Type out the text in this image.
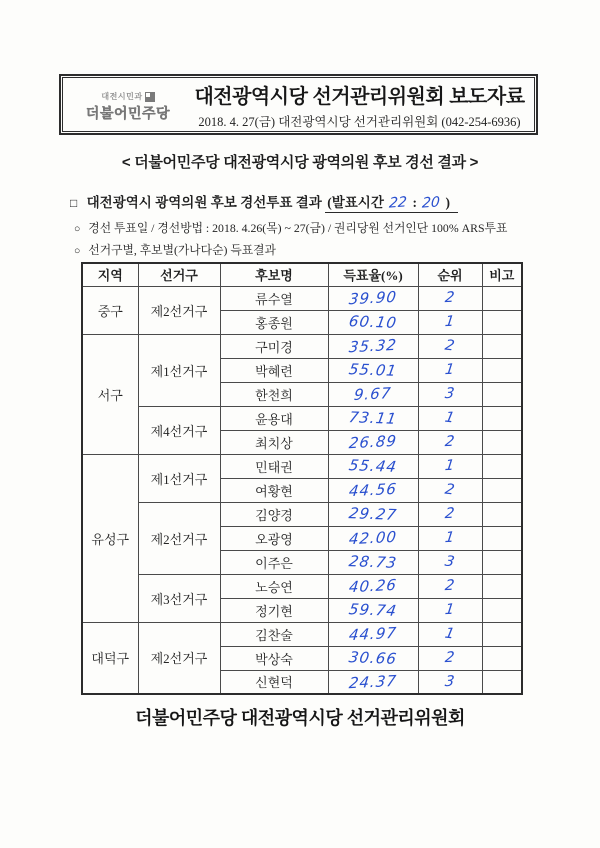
대전시민과
더불어민주당
대전광역시당 선거관리위원회 보도자료
2018. 4. 27(금) 대전광역시당 선거관리위원회 (042-254-6936)
< 더불어민주당 대전광역시당 광역의원 후보 경선 결과 >
□ 대전광역시 광역의원 후보 경선투표 결과 (발표시간 22 : 20 )
○ 경선 투표일 / 경선방법 : 2018. 4.26(목) ~ 27(금) / 권리당원 선거인단 100% ARS투표
○ 선거구별, 후보별(가나다순) 득표결과
지역	선거구	후보명	득표율(%)	순위	비고
중구	제2선거구	류수열	39.90	2	
		홍종원	60.10	1	
서구	제1선거구	구미경	35.32	2	
		박혜련	55.01	1	
		한천희	9.67	3	
	제4선거구	윤용대	73.11	1	
		최치상	26.89	2	
유성구	제1선거구	민태권	55.44	1	
		여황현	44.56	2	
	제2선거구	김양경	29.27	2	
		오광영	42.00	1	
		이주은	28.73	3	
	제3선거구	노승연	40.26	2	
		정기현	59.74	1	
대덕구	제2선거구	김찬술	44.97	1	
		박상숙	30.66	2	
		신현덕	24.37	3	
더불어민주당 대전광역시당 선거관리위원회
